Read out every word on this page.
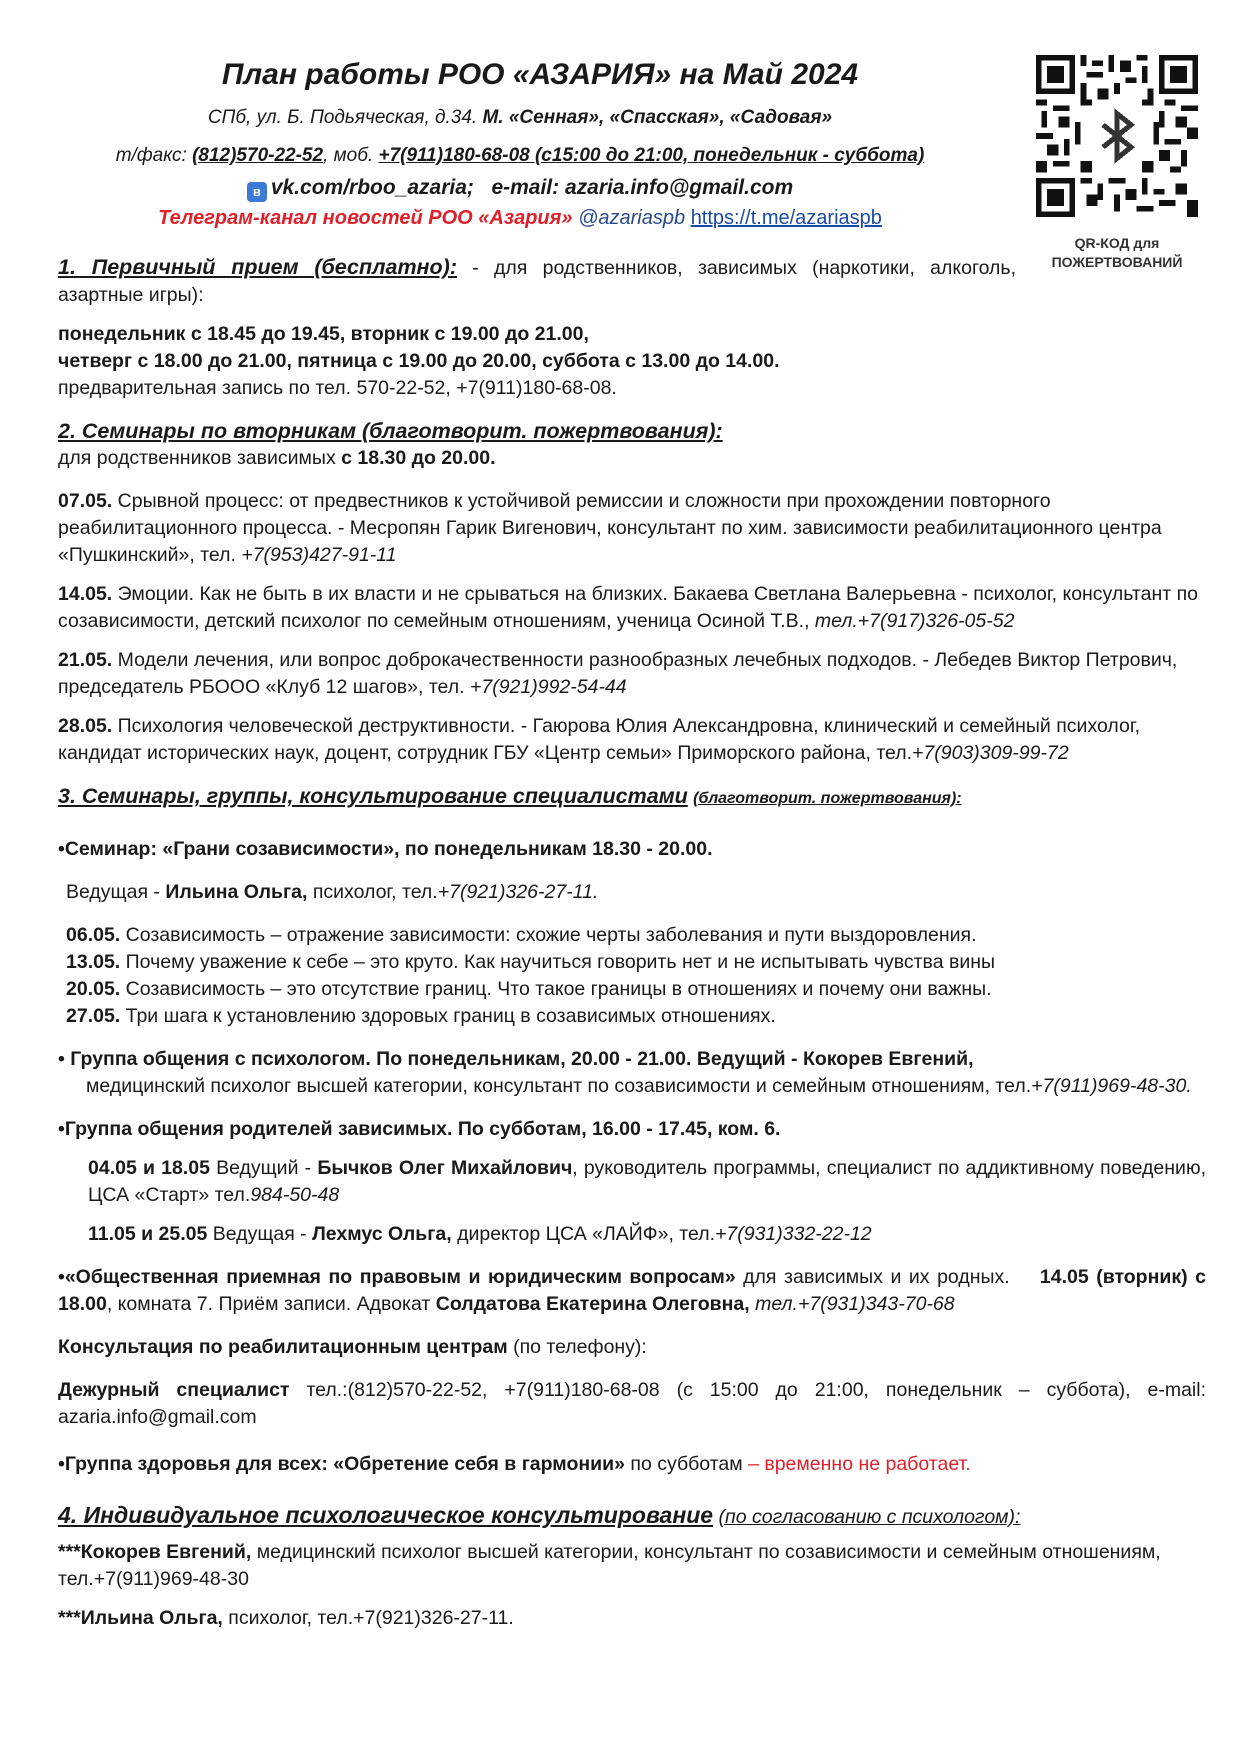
План работы РОО «АЗАРИЯ» на Май 2024
СПб, ул. Б. Подьяческая, д.34. М. «Сенная», «Спасская», «Садовая»
т/факс: (812)570-22-52, моб. +7(911)180-68-08 (с15:00 до 21:00, понедельник - суббота)
в vk.com/rboo_azaria; e-mail: azaria.info@gmail.com
Телеграм-канал новостей РОО «Азария» @azariaspb https://t.me/azariaspb
QR-КОД для
ПОЖЕРТВОВАНИЙ

1. Первичный прием (бесплатно): - для родственников, зависимых (наркотики, алкоголь, азартные игры):

понедельник с 18.45 до 19.45, вторник с 19.00 до 21.00,

четверг с 18.00 до 21.00, пятница с 19.00 до 20.00, суббота с 13.00 до 14.00.

предварительная запись по тел. 570-22-52, +7(911)180-68-08.

2. Семинары по вторникам (благотворит. пожертвования):

для родственников зависимых с 18.30 до 20.00.

07.05. Срывной процесс: от предвестников к устойчивой ремиссии и сложности при прохождении повторного реабилитационного процесса. - Месропян Гарик Вигенович, консультант по хим. зависимости реабилитационного центра «Пушкинский», тел. +7(953)427-91-11

14.05. Эмоции. Как не быть в их власти и не срываться на близких. Бакаева Светлана Валерьевна - психолог, консультант по созависимости, детский психолог по семейным отношениям, ученица Осиной Т.В., тел.+7(917)326-05-52

21.05. Модели лечения, или вопрос доброкачественности разнообразных лечебных подходов. - Лебедев Виктор Петрович, председатель РБООО «Клуб 12 шагов», тел. +7(921)992-54-44

28.05. Психология человеческой деструктивности. - Гаюрова Юлия Александровна, клинический и семейный психолог, кандидат исторических наук, доцент, сотрудник ГБУ «Центр семьи» Приморского района, тел.+7(903)309-99-72

3. Семинары, группы, консультирование специалистами (благотворит. пожертвования):

•Семинар: «Грани созависимости», по понедельникам 18.30 - 20.00.

Ведущая - Ильина Ольга, психолог, тел.+7(921)326-27-11.

06.05. Созависимость – отражение зависимости: схожие черты заболевания и пути выздоровления.

13.05. Почему уважение к себе – это круто. Как научиться говорить нет и не испытывать чувства вины

20.05. Созависимость – это отсутствие границ. Что такое границы в отношениях и почему они важны.

27.05. Три шага к установлению здоровых границ в созависимых отношениях.

• Группа общения с психологом. По понедельникам, 20.00 - 21.00. Ведущий - Кокорев Евгений,

медицинский психолог высшей категории, консультант по созависимости и семейным отношениям, тел.+7(911)969-48-30.

•Группа общения родителей зависимых. По субботам, 16.00 - 17.45, ком. 6.

04.05 и 18.05 Ведущий - Бычков Олег Михайлович, руководитель программы, специалист по аддиктивному поведению, ЦСА «Старт» тел.984-50-48

11.05 и 25.05 Ведущая - Лехмус Ольга, директор ЦСА «ЛАЙФ», тел.+7(931)332-22-12

•«Общественная приемная по правовым и юридическим вопросам» для зависимых и их родных. 14.05 (вторник) с 18.00, комната 7. Приём записи. Адвокат Солдатова Екатерина Олеговна, тел.+7(931)343-70-68

Консультация по реабилитационным центрам (по телефону):

Дежурный специалист тел.:(812)570-22-52, +7(911)180-68-08 (с 15:00 до 21:00, понедельник – суббота), e-mail: azaria.info@gmail.com

•Группа здоровья для всех: «Обретение себя в гармонии» по субботам – временно не работает.

4. Индивидуальное психологическое консультирование (по согласованию с психологом):

***Кокорев Евгений, медицинский психолог высшей категории, консультант по созависимости и семейным отношениям, тел.+7(911)969-48-30

***Ильина Ольга, психолог, тел.+7(921)326-27-11.
